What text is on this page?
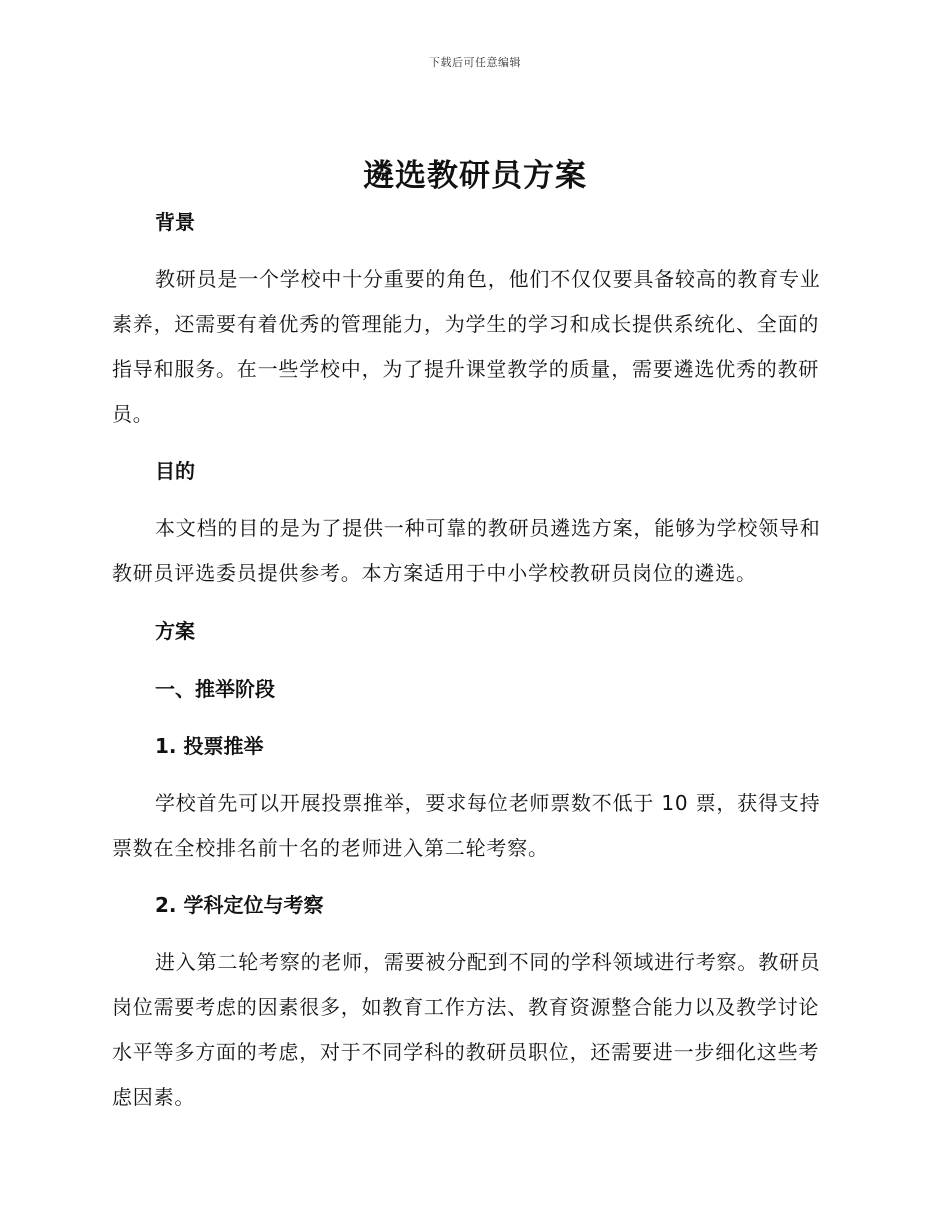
下载后可任意编辑
遴选教研员方案
背景
教研员是一个学校中十分重要的角色，他们不仅仅要具备较高的教育专业素养，还需要有着优秀的管理能力，为学生的学习和成长提供系统化、全面的指导和服务。在一些学校中，为了提升课堂教学的质量，需要遴选优秀的教研员。
目的
本文档的目的是为了提供一种可靠的教研员遴选方案，能够为学校领导和教研员评选委员提供参考。本方案适用于中小学校教研员岗位的遴选。
方案
一、推举阶段
1. 投票推举
学校首先可以开展投票推举，要求每位老师票数不低于 10 票，获得支持票数在全校排名前十名的老师进入第二轮考察。
2. 学科定位与考察
进入第二轮考察的老师，需要被分配到不同的学科领域进行考察。教研员岗位需要考虑的因素很多，如教育工作方法、教育资源整合能力以及教学讨论水平等多方面的考虑，对于不同学科的教研员职位，还需要进一步细化这些考虑因素。
